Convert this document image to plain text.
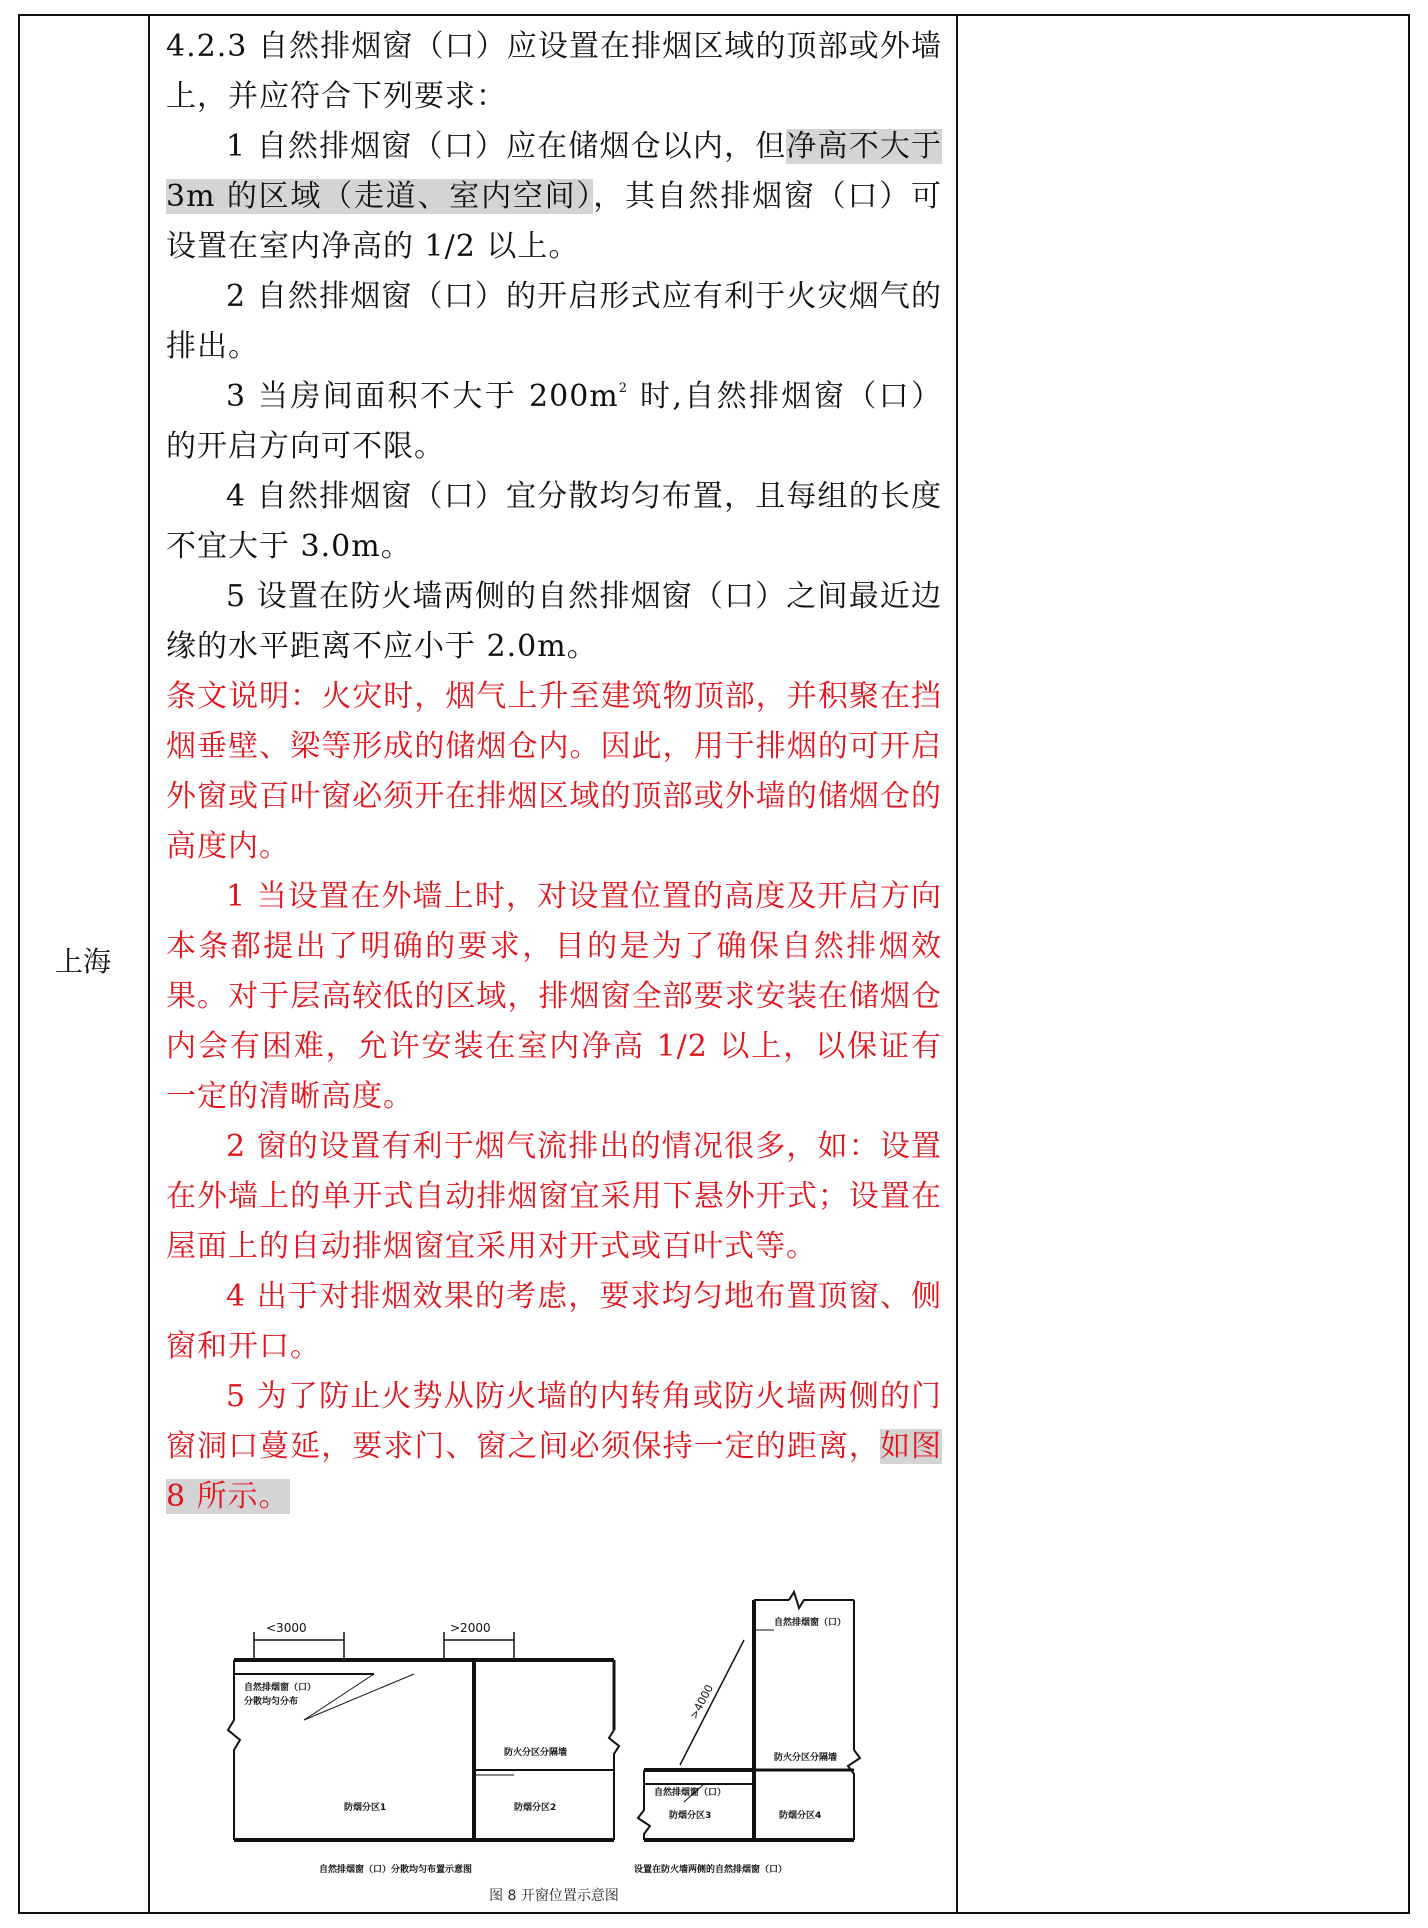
上海

4.2.3 自然排烟窗（口）应设置在排烟区域的顶部或外墙上，并应符合下列要求：

1 自然排烟窗（口）应在储烟仓以内，但净高不大于 3m 的区域（走道、室内空间），其自然排烟窗（口）可设置在室内净高的 1/2 以上。

2 自然排烟窗（口）的开启形式应有利于火灾烟气的排出。

3 当房间面积不大于 $200m^2$ 时,自然排烟窗（口）的开启方向可不限。

4 自然排烟窗（口）宜分散均匀布置，且每组的长度不宜大于 3.0m。

5 设置在防火墙两侧的自然排烟窗（口）之间最近边缘的水平距离不应小于 2.0m。

条文说明：火灾时，烟气上升至建筑物顶部，并积聚在挡烟垂壁、梁等形成的储烟仓内。因此，用于排烟的可开启外窗或百叶窗必须开在排烟区域的顶部或外墙的储烟仓的高度内。

1 当设置在外墙上时，对设置位置的高度及开启方向本条都提出了明确的要求，目的是为了确保自然排烟效果。对于层高较低的区域，排烟窗全部要求安装在储烟仓内会有困难，允许安装在室内净高 1/2 以上，以保证有一定的清晰高度。

2 窗的设置有利于烟气流排出的情况很多，如：设置在外墙上的单开式自动排烟窗宜采用下悬外开式；设置在屋面上的自动排烟窗宜采用对开式或百叶式等。

4 出于对排烟效果的考虑，要求均匀地布置顶窗、侧窗和开口。

5 为了防止火势从防火墙的内转角或防火墙两侧的门窗洞口蔓延，要求门、窗之间必须保持一定的距离，如图 8 所示。

<3000	>2000
>4000
自然排烟窗（口）
分散均匀分布
防火分区分隔墙
防烟分区1	防烟分区2
自然排烟窗（口）
防火分区分隔墙
自然排烟窗（口）
防烟分区3	防烟分区4
自然排烟窗（口）分散均匀布置示意图	设置在防火墙两侧的自然排烟窗（口）
图 8 开窗位置示意图
